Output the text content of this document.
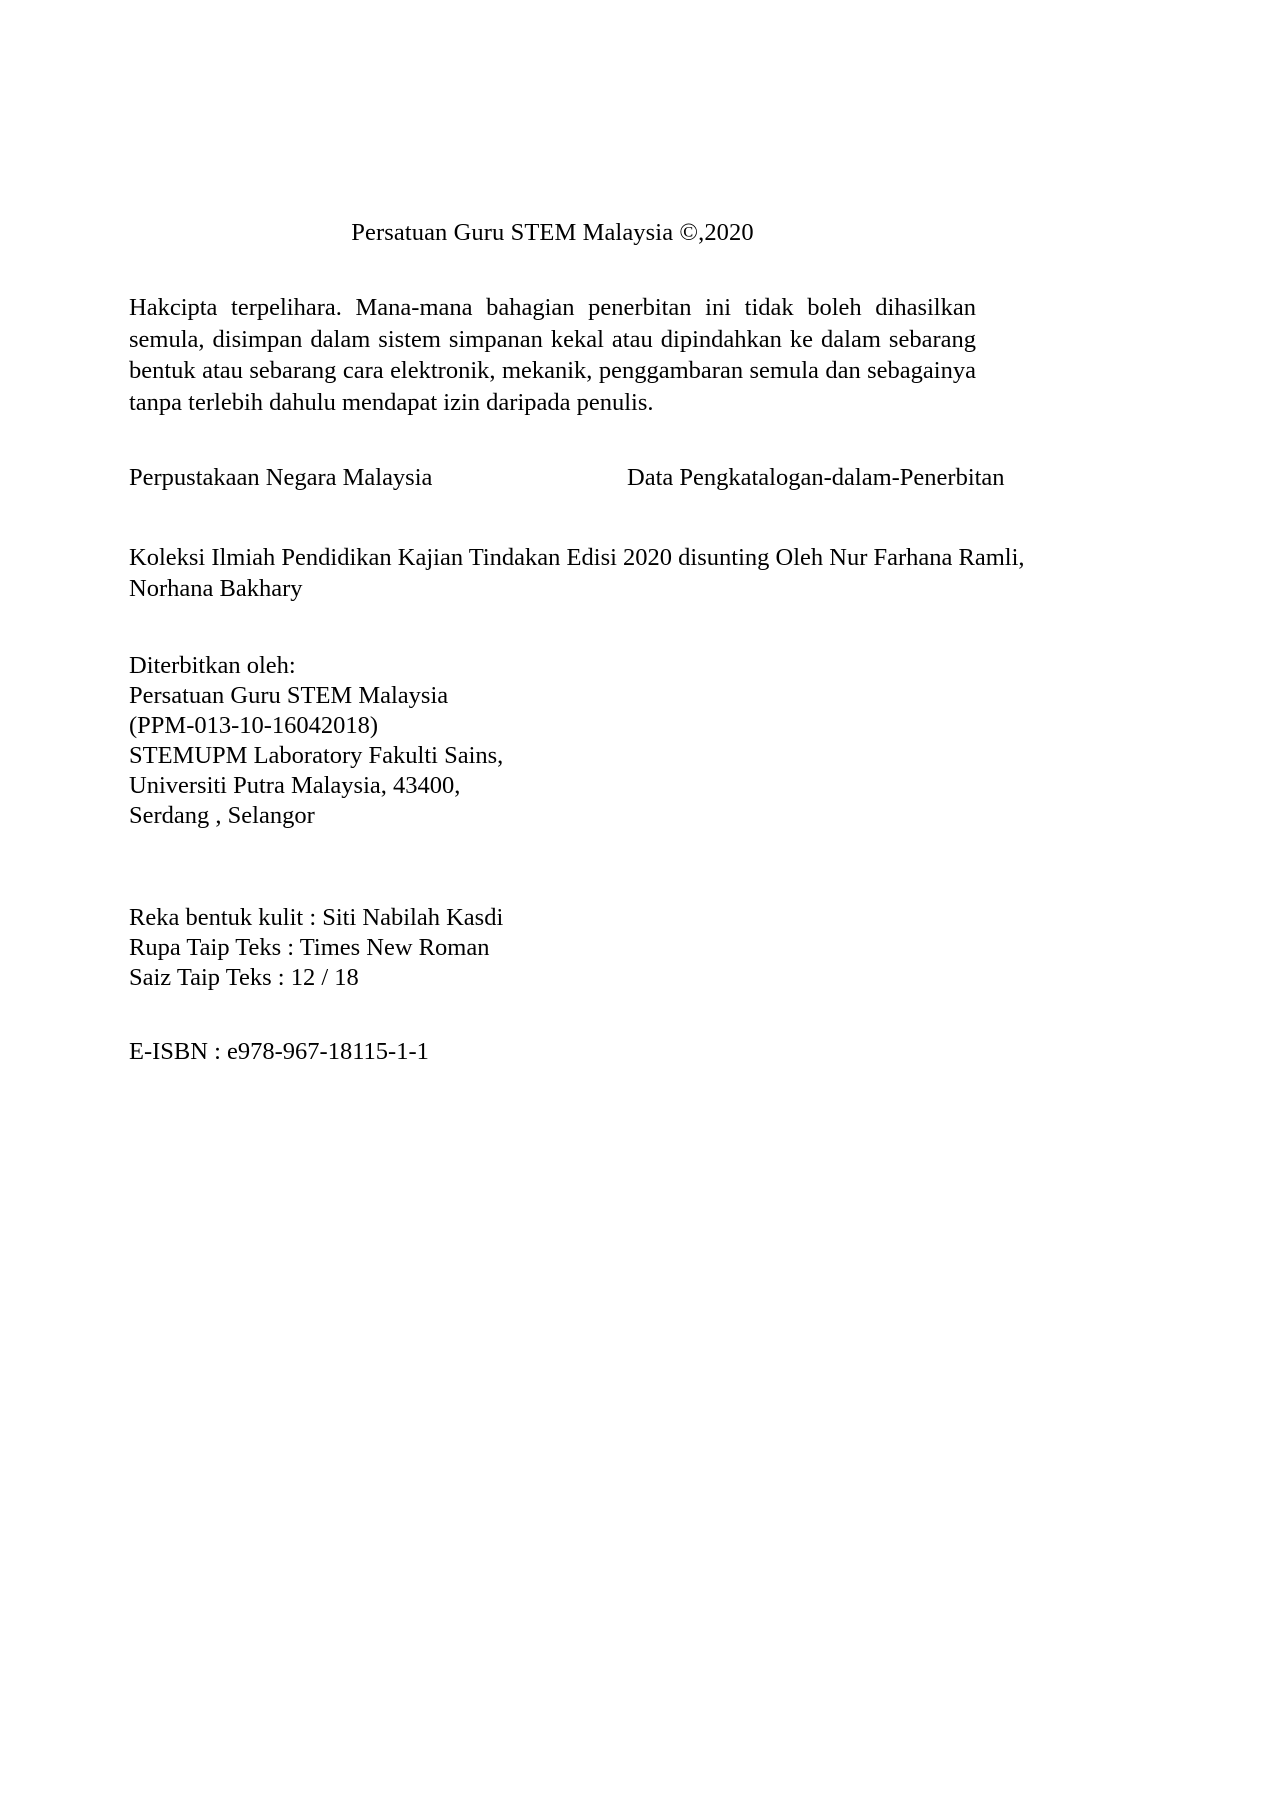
Persatuan Guru STEM Malaysia ©,2020

Hakcipta terpelihara. Mana-mana bahagian penerbitan ini tidak boleh dihasilkan semula, disimpan dalam sistem simpanan kekal atau dipindahkan ke dalam sebarang bentuk atau sebarang cara elektronik, mekanik, penggambaran semula dan sebagainya tanpa terlebih dahulu mendapat izin daripada penulis.

Perpustakaan Negara Malaysia	Data Pengkatalogan-dalam-Penerbitan
Koleksi Ilmiah Pendidikan Kajian Tindakan Edisi 2020 disunting Oleh Nur Farhana Ramli,
Norhana Bakhary
Diterbitkan oleh:
Persatuan Guru STEM Malaysia
(PPM-013-10-16042018)
STEMUPM Laboratory Fakulti Sains,
Universiti Putra Malaysia, 43400,
Serdang , Selangor
Reka bentuk kulit : Siti Nabilah Kasdi
Rupa Taip Teks : Times New Roman
Saiz Taip Teks : 12 / 18
E-ISBN : e978-967-18115-1-1
